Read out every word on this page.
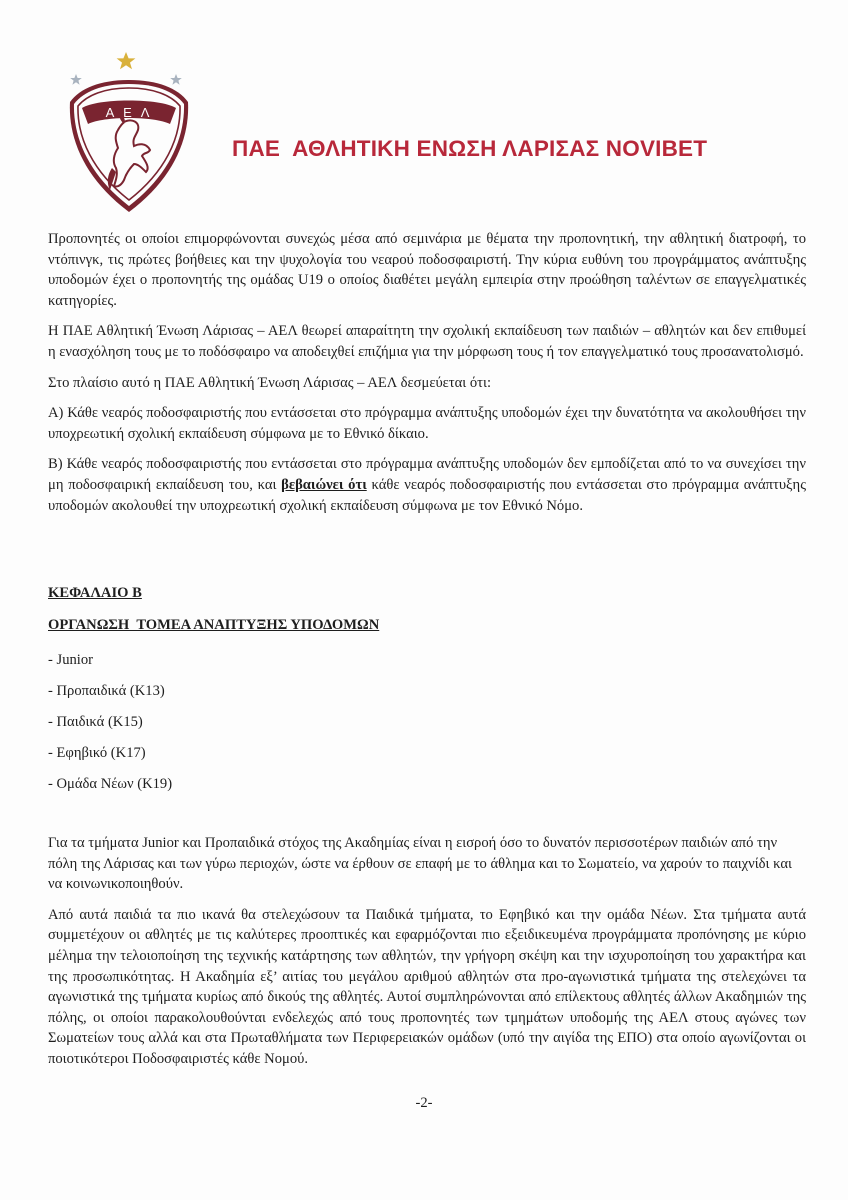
Α Ε Λ
ΠΑΕ  ΑΘΛΗΤΙΚΗ ΕΝΩΣΗ ΛΑΡΙΣΑΣ NOVIBET

Προπονητές οι οποίοι επιμορφώνονται συνεχώς μέσα από σεμινάρια με θέματα την προπονητική, την αθλητική διατροφή, το ντόπινγκ, τις πρώτες βοήθειες και την ψυχολογία του νεαρού ποδοσφαιριστή. Την κύρια ευθύνη του προγράμματος ανάπτυξης υποδομών έχει ο προπονητής της ομάδας U19 ο οποίος διαθέτει μεγάλη εμπειρία στην προώθηση ταλέντων σε επαγγελματικές κατηγορίες.

Η ΠΑΕ Αθλητική Ένωση Λάρισας – ΑΕΛ θεωρεί απαραίτητη την σχολική εκπαίδευση των παιδιών – αθλητών και δεν επιθυμεί η ενασχόληση τους με το ποδόσφαιρο να αποδειχθεί επιζήμια για την μόρφωση τους ή τον επαγγελματικό τους προσανατολισμό.

Στο πλαίσιο αυτό η ΠΑΕ Αθλητική Ένωση Λάρισας – ΑΕΛ δεσμεύεται ότι:

Α) Κάθε νεαρός ποδοσφαιριστής που εντάσσεται στο πρόγραμμα ανάπτυξης υποδομών έχει την δυνατότητα να ακολουθήσει την υποχρεωτική σχολική εκπαίδευση σύμφωνα με το Εθνικό δίκαιο.

Β) Κάθε νεαρός ποδοσφαιριστής που εντάσσεται στο πρόγραμμα ανάπτυξης υποδομών δεν εμποδίζεται από το να συνεχίσει την μη ποδοσφαιρική εκπαίδευση του, και βεβαιώνει ότι κάθε νεαρός ποδοσφαιριστής που εντάσσεται στο πρόγραμμα ανάπτυξης υποδομών ακολουθεί την υποχρεωτική σχολική εκπαίδευση σύμφωνα με τον Εθνικό Νόμο.

ΚΕΦΑΛΑΙΟ Β
ΟΡΓΑΝΩΣΗ  ΤΟΜΕΑ ΑΝΑΠΤΥΞΗΣ ΥΠΟΔΟΜΩΝ
- Junior
- Προπαιδικά (Κ13)
- Παιδικά (Κ15)
- Εφηβικό (Κ17)
- Ομάδα Νέων (Κ19)

Για τα τμήματα Junior και Προπαιδικά στόχος της Ακαδημίας είναι η εισροή όσο το δυνατόν περισσοτέρων παιδιών από την πόλη της Λάρισας και των γύρω περιοχών, ώστε να έρθουν σε επαφή με το άθλημα και το Σωματείο, να χαρούν το παιχνίδι και να κοινωνικοποιηθούν.

Από αυτά παιδιά τα πιο ικανά θα στελεχώσουν τα Παιδικά τμήματα, το Εφηβικό και την ομάδα Νέων. Στα τμήματα αυτά συμμετέχουν οι αθλητές με τις καλύτερες προοπτικές και εφαρμόζονται πιο εξειδικευμένα προγράμματα προπόνησης με κύριο μέλημα την τελοιοποίηση της τεχνικής κατάρτησης των αθλητών, την γρήγορη σκέψη και την ισχυροποίηση του χαρακτήρα και της προσωπικότητας. Η Ακαδημία εξ’ αιτίας του μεγάλου αριθμού αθλητών στα προ-αγωνιστικά τμήματα της στελεχώνει τα αγωνιστικά της τμήματα κυρίως από δικούς της αθλητές. Αυτοί συμπληρώνονται από επίλεκτους αθλητές άλλων Ακαδημιών της πόλης, οι οποίοι παρακολουθούνται ενδελεχώς από τους προπονητές των τμημάτων υποδομής της ΑΕΛ στους αγώνες των Σωματείων τους αλλά και στα Πρωταθλήματα των Περιφερειακών ομάδων (υπό την αιγίδα της ΕΠΟ) στα οποίο αγωνίζονται οι ποιοτικότεροι Ποδοσφαιριστές κάθε Νομού.

-2-
